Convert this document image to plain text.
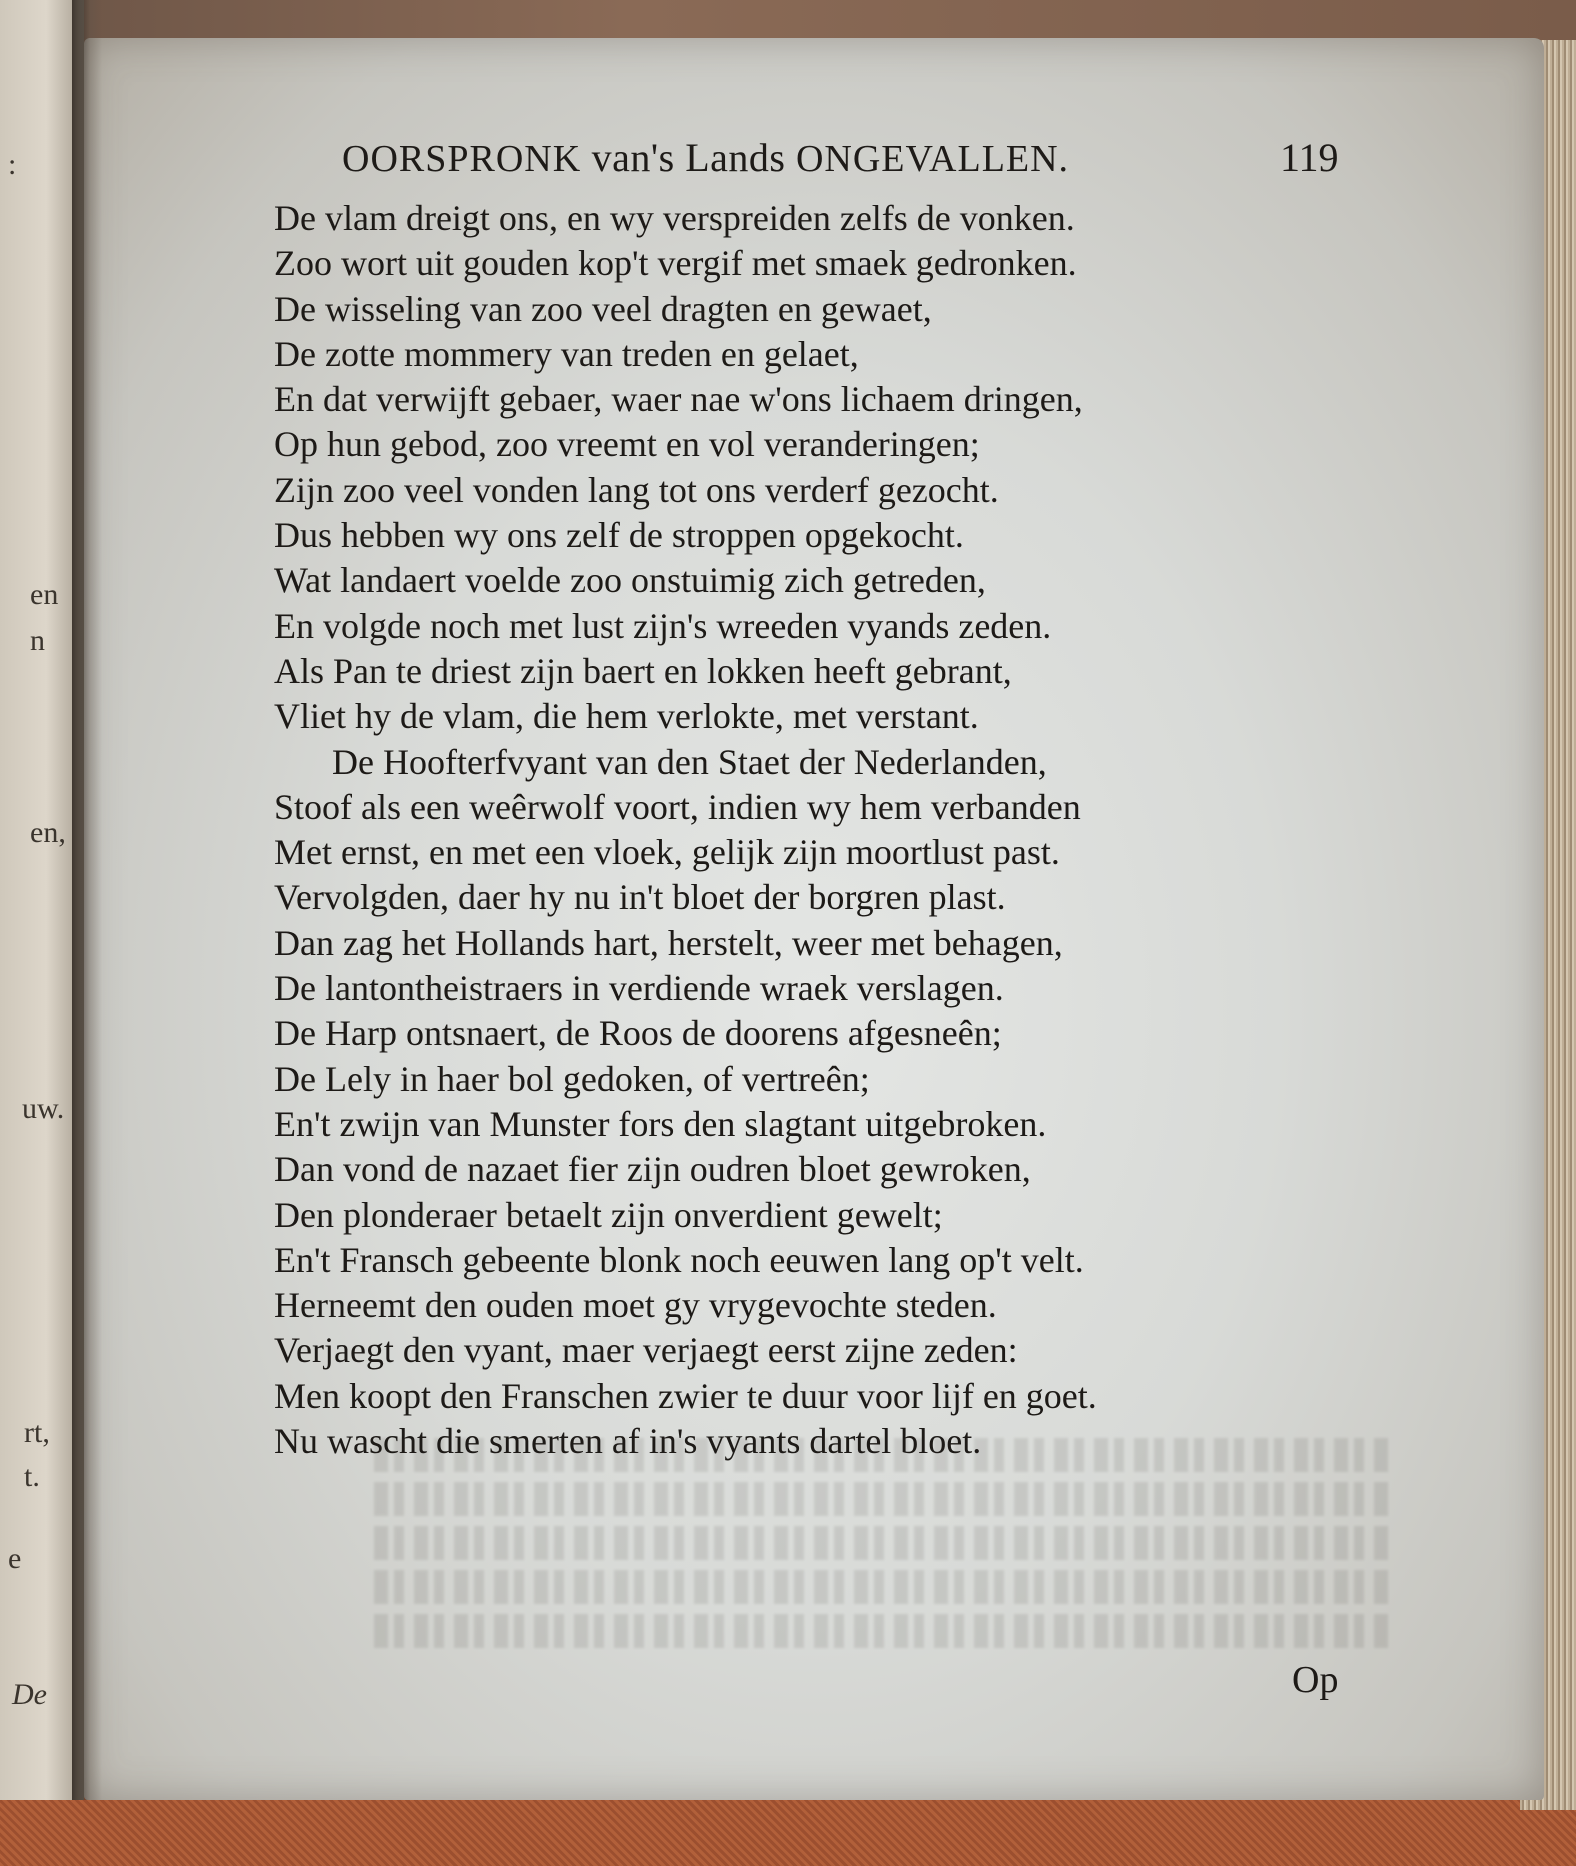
:
en
n
en,
uw.
rt,
t.
e
De
OORSPRONK van's Lands ONGEVALLEN.	119
De vlam dreigt ons, en wy verspreiden zelfs de vonken.
Zoo wort uit gouden kop't vergif met smaek gedronken.
De wisseling van zoo veel dragten en gewaet,
De zotte mommery van treden en gelaet,
En dat verwijft gebaer, waer nae w'ons lichaem dringen,
Op hun gebod, zoo vreemt en vol veranderingen;
Zijn zoo veel vonden lang tot ons verderf gezocht.
Dus hebben wy ons zelf de stroppen opgekocht.
Wat landaert voelde zoo onstuimig zich getreden,
En volgde noch met lust zijn's wreeden vyands zeden.
Als Pan te driest zijn baert en lokken heeft gebrant,
Vliet hy de vlam, die hem verlokte, met verstant.
De Hoofterfvyant van den Staet der Nederlanden,
Stoof als een weêrwolf voort, indien wy hem verbanden
Met ernst, en met een vloek, gelijk zijn moortlust past.
Vervolgden, daer hy nu in't bloet der borgren plast.
Dan zag het Hollands hart, herstelt, weer met behagen,
De lantontheistraers in verdiende wraek verslagen.
De Harp ontsnaert, de Roos de doorens afgesneên;
De Lely in haer bol gedoken, of vertreên;
En't zwijn van Munster fors den slagtant uitgebroken.
Dan vond de nazaet fier zijn oudren bloet gewroken,
Den plonderaer betaelt zijn onverdient gewelt;
En't Fransch gebeente blonk noch eeuwen lang op't velt.
Herneemt den ouden moet gy vrygevochte steden.
Verjaegt den vyant, maer verjaegt eerst zijne zeden:
Men koopt den Franschen zwier te duur voor lijf en goet.
Nu wascht die smerten af in's vyants dartel bloet.
Op
